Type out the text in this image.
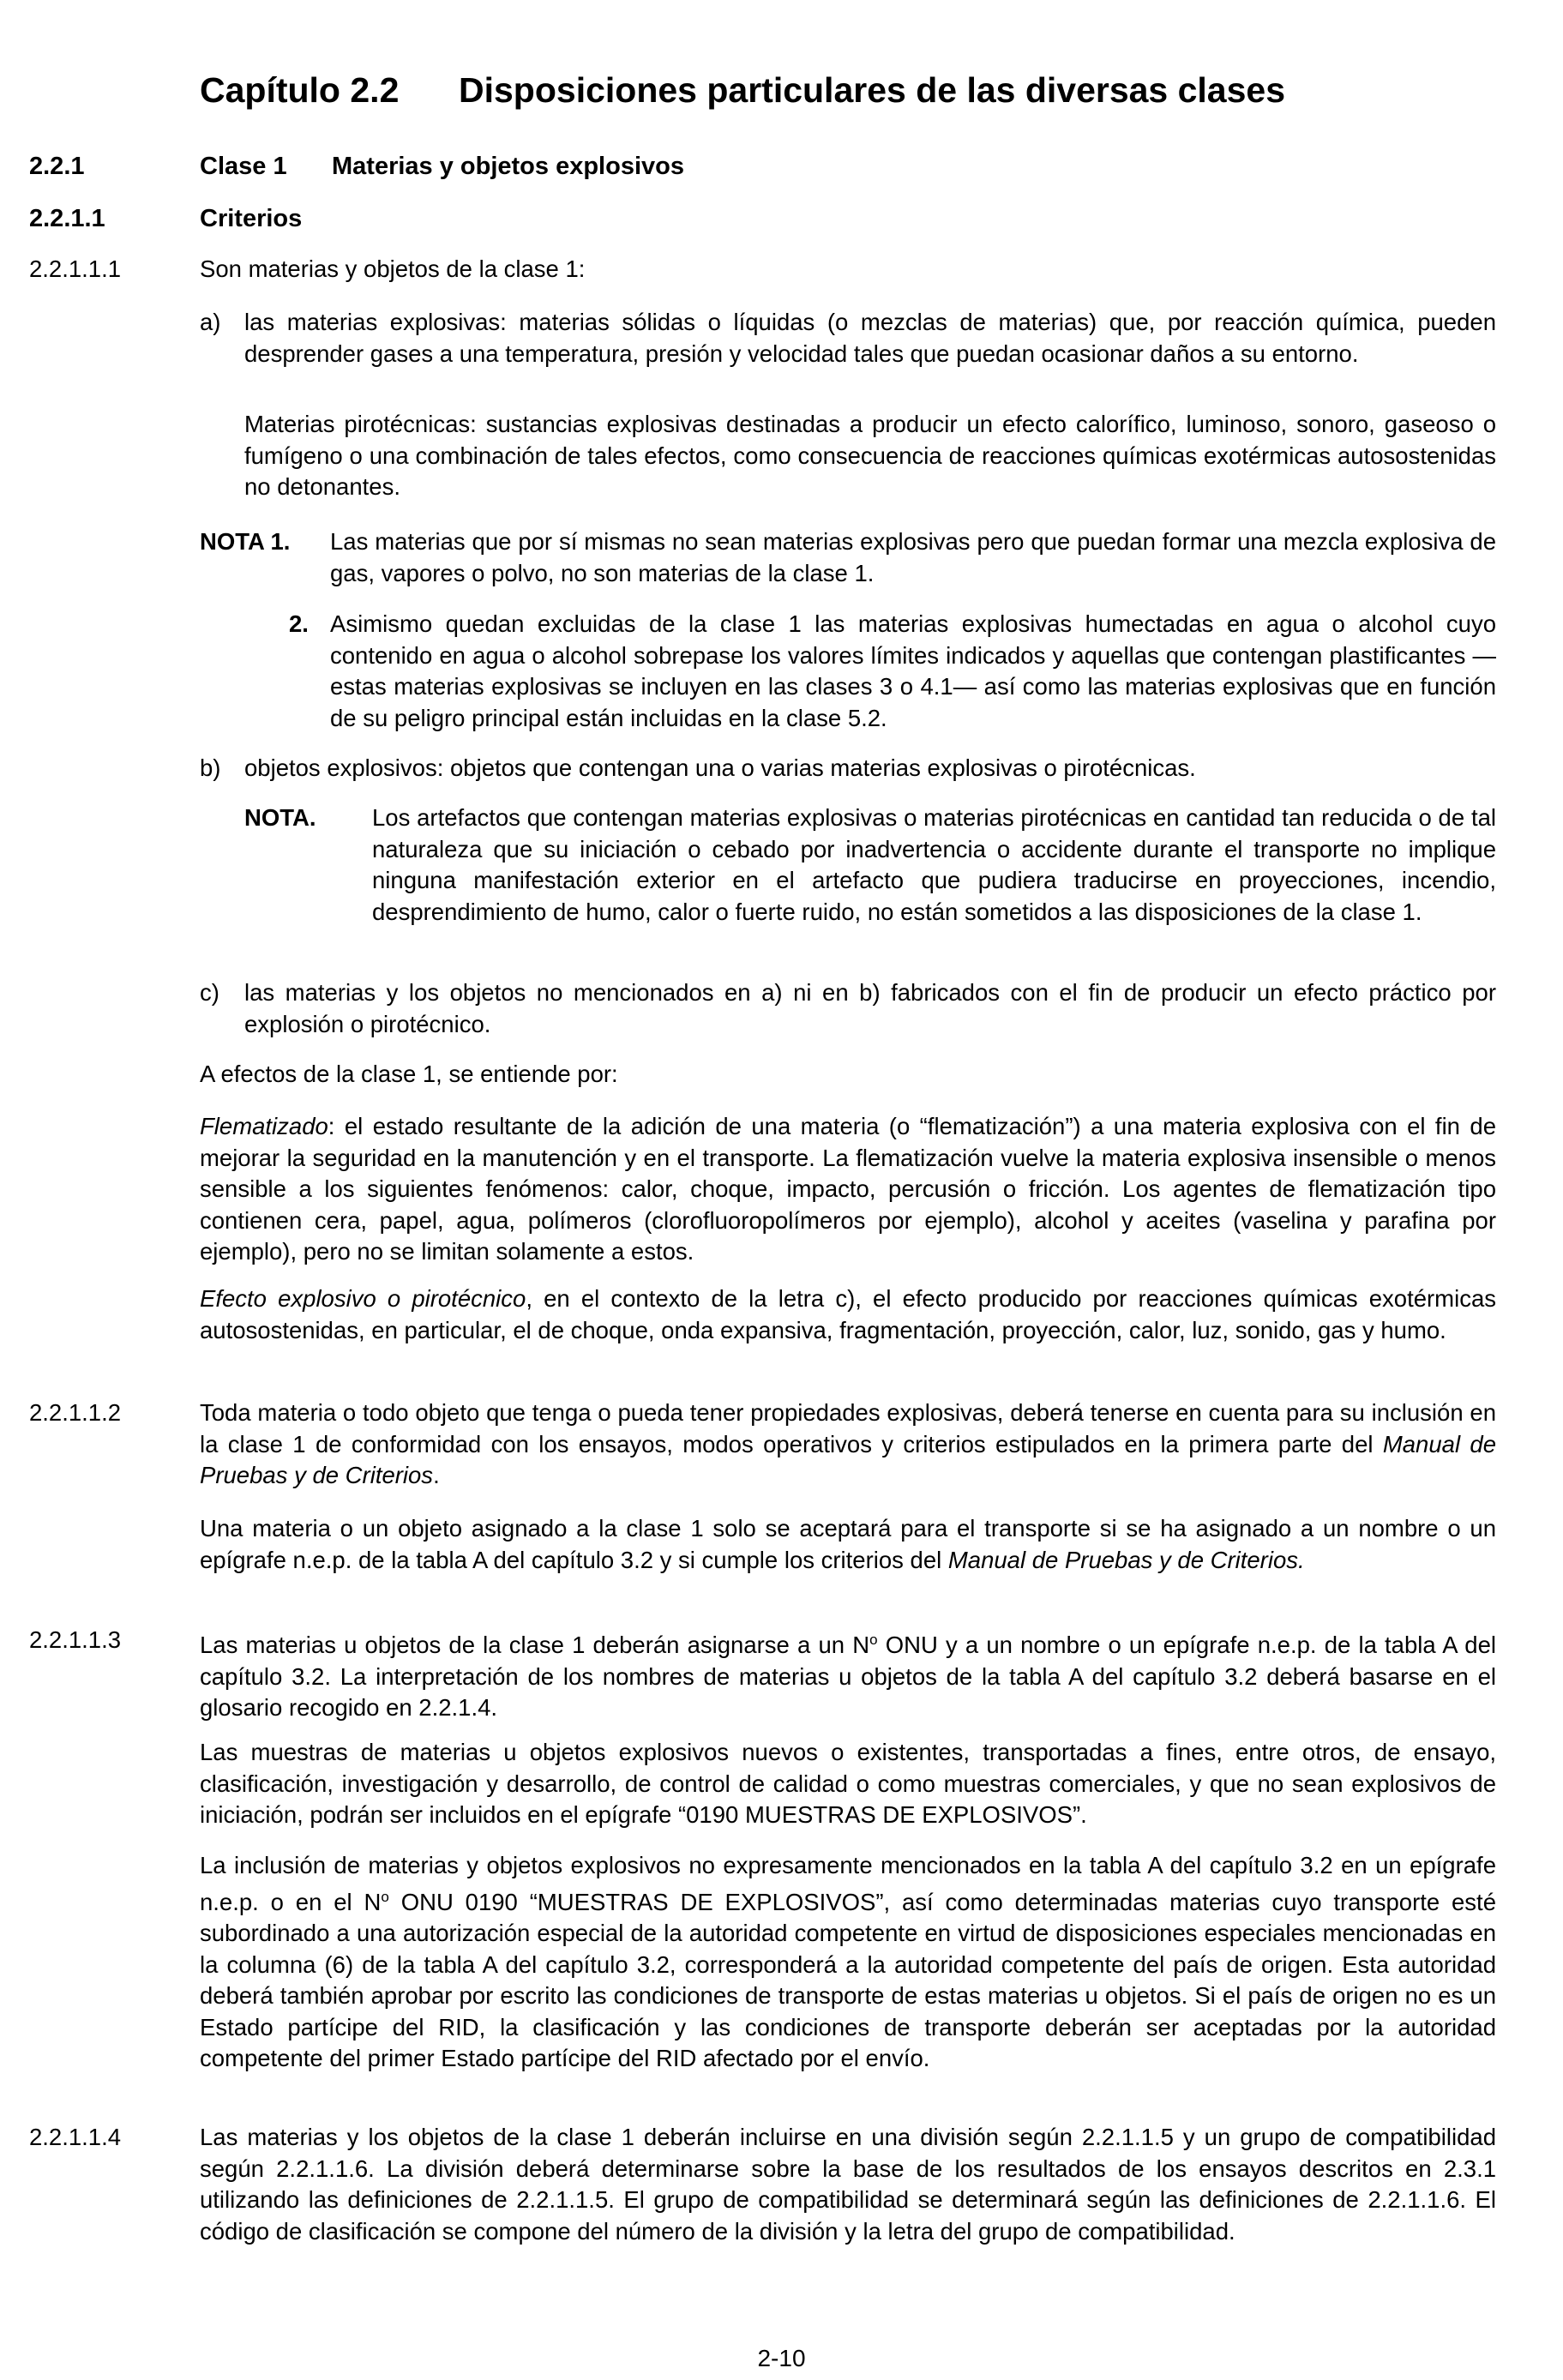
Capítulo 2.2 Disposiciones particulares de las diversas clases
2.2.1	Clase 1 Materias y objetos explosivos
2.2.1.1	Criterios
2.2.1.1.1	Son materias y objetos de la clase 1:
a) las materias explosivas: materias sólidas o líquidas (o mezclas de materias) que, por reacción química, pueden desprender gases a una temperatura, presión y velocidad tales que puedan ocasionar daños a su entorno.
Materias pirotécnicas: sustancias explosivas destinadas a producir un efecto calorífico, luminoso, sonoro, gaseoso o fumígeno o una combinación de tales efectos, como consecuencia de reacciones químicas exotérmicas autosostenidas no detonantes.
NOTA 1. Las materias que por sí mismas no sean materias explosivas pero que puedan formar una mezcla explosiva de gas, vapores o polvo, no son materias de la clase 1.
2. Asimismo quedan excluidas de la clase 1 las materias explosivas humectadas en agua o alcohol cuyo contenido en agua o alcohol sobrepase los valores límites indicados y aquellas que contengan plastificantes —estas materias explosivas se incluyen en las clases 3 o 4.1— así como las materias explosivas que en función de su peligro principal están incluidas en la clase 5.2.
b) objetos explosivos: objetos que contengan una o varias materias explosivas o pirotécnicas.
NOTA. Los artefactos que contengan materias explosivas o materias pirotécnicas en cantidad tan reducida o de tal naturaleza que su iniciación o cebado por inadvertencia o accidente durante el transporte no implique ninguna manifestación exterior en el artefacto que pudiera traducirse en proyecciones, incendio, desprendimiento de humo, calor o fuerte ruido, no están sometidos a las disposiciones de la clase 1.
c) las materias y los objetos no mencionados en a) ni en b) fabricados con el fin de producir un efecto práctico por explosión o pirotécnico.
A efectos de la clase 1, se entiende por:
Flematizado: el estado resultante de la adición de una materia (o “flematización”) a una materia explosiva con el fin de mejorar la seguridad en la manutención y en el transporte. La flematización vuelve la materia explosiva insensible o menos sensible a los siguientes fenómenos: calor, choque, impacto, percusión o fricción. Los agentes de flematización tipo contienen cera, papel, agua, polímeros (clorofluoropolímeros por ejemplo), alcohol y aceites (vaselina y parafina por ejemplo), pero no se limitan solamente a estos.
Efecto explosivo o pirotécnico, en el contexto de la letra c), el efecto producido por reacciones químicas exotérmicas autosostenidas, en particular, el de choque, onda expansiva, fragmentación, proyección, calor, luz, sonido, gas y humo.
2.2.1.1.2	Toda materia o todo objeto que tenga o pueda tener propiedades explosivas, deberá tenerse en cuenta para su inclusión en la clase 1 de conformidad con los ensayos, modos operativos y criterios estipulados en la primera parte del Manual de Pruebas y de Criterios.
Una materia o un objeto asignado a la clase 1 solo se aceptará para el transporte si se ha asignado a un nombre o un epígrafe n.e.p. de la tabla A del capítulo 3.2 y si cumple los criterios del Manual de Pruebas y de Criterios.
2.2.1.1.3	Las materias u objetos de la clase 1 deberán asignarse a un $N^o$ ONU y a un nombre o un epígrafe n.e.p. de la tabla A del capítulo 3.2. La interpretación de los nombres de materias u objetos de la tabla A del capítulo 3.2 deberá basarse en el glosario recogido en 2.2.1.4.
Las muestras de materias u objetos explosivos nuevos o existentes, transportadas a fines, entre otros, de ensayo, clasificación, investigación y desarrollo, de control de calidad o como muestras comerciales, y que no sean explosivos de iniciación, podrán ser incluidos en el epígrafe “0190 MUESTRAS DE EXPLOSIVOS”.
La inclusión de materias y objetos explosivos no expresamente mencionados en la tabla A del capítulo 3.2 en un epígrafe n.e.p. o en el $N^o$ ONU 0190 “MUESTRAS DE EXPLOSIVOS”, así como determinadas materias cuyo transporte esté subordinado a una autorización especial de la autoridad competente en virtud de disposiciones especiales mencionadas en la columna (6) de la tabla A del capítulo 3.2, corresponderá a la autoridad competente del país de origen. Esta autoridad deberá también aprobar por escrito las condiciones de transporte de estas materias u objetos. Si el país de origen no es un Estado partícipe del RID, la clasificación y las condiciones de transporte deberán ser aceptadas por la autoridad competente del primer Estado partícipe del RID afectado por el envío.
2.2.1.1.4	Las materias y los objetos de la clase 1 deberán incluirse en una división según 2.2.1.1.5 y un grupo de compatibilidad según 2.2.1.1.6. La división deberá determinarse sobre la base de los resultados de los ensayos descritos en 2.3.1 utilizando las definiciones de 2.2.1.1.5. El grupo de compatibilidad se determinará según las definiciones de 2.2.1.1.6. El código de clasificación se compone del número de la división y la letra del grupo de compatibilidad.
2-10
